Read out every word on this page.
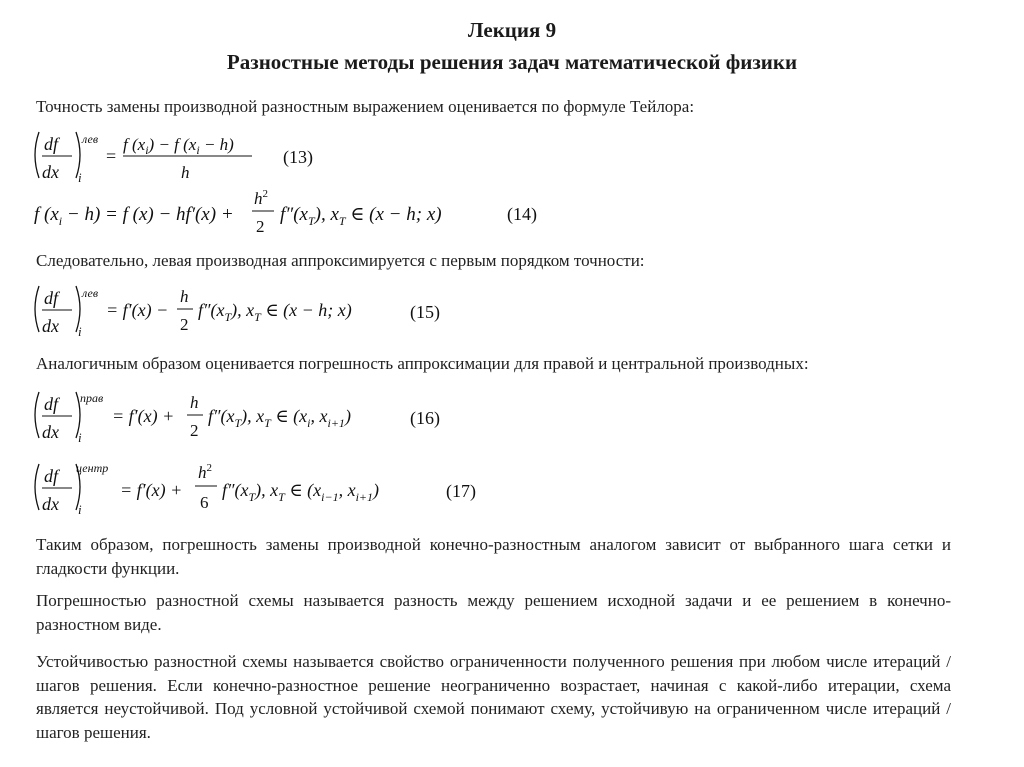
Лекция 9
Разностные методы решения задач математической физики
Точность замены производной разностным выражением оценивается по формуле Тейлора:
df
dx
лев
i
=
f $(x_i) - f$ $(x_i - h)$
h
(13)
f $(x_i - h) = f$ (x) − hf′(x) +
$h^2$
2
$f''(x_T)$, $x_T$ ∈ (x − h; x)	(14)
Следовательно, левая производная аппроксимируется с первым порядком точности:
df
dx
лев
i
= f′(x) −
h
2
$f''(x_T)$, $x_T$ ∈ (x − h; x)	(15)
Аналогичным образом оценивается погрешность аппроксимации для правой и центральной производных:
df
dx
прав
i
= f′(x) +
h
2
$f''(x_T)$, $x_T$ ∈ ($x_i$, $x_{i+1}$)	(16)
df
dx
центр
i
= f′(x) +
$h^2$
6
$f''(x_T)$, $x_T$ ∈ ($x_{i-1}$, $x_{i+1}$)	(17)
Таким образом, погрешность замены производной конечно-разностным аналогом зависит от выбранного шага сетки и гладкости функции.
Погрешностью разностной схемы называется разность между решением исходной задачи и ее решением в конечно-разностном виде.
Устойчивостью разностной схемы называется свойство ограниченности полученного решения при любом числе итераций / шагов решения. Если конечно-разностное решение неограниченно возрастает, начиная с какой-либо итерации, схема является неустойчивой. Под условной устойчивой схемой понимают схему, устойчивую на ограниченном числе итераций / шагов решения.
